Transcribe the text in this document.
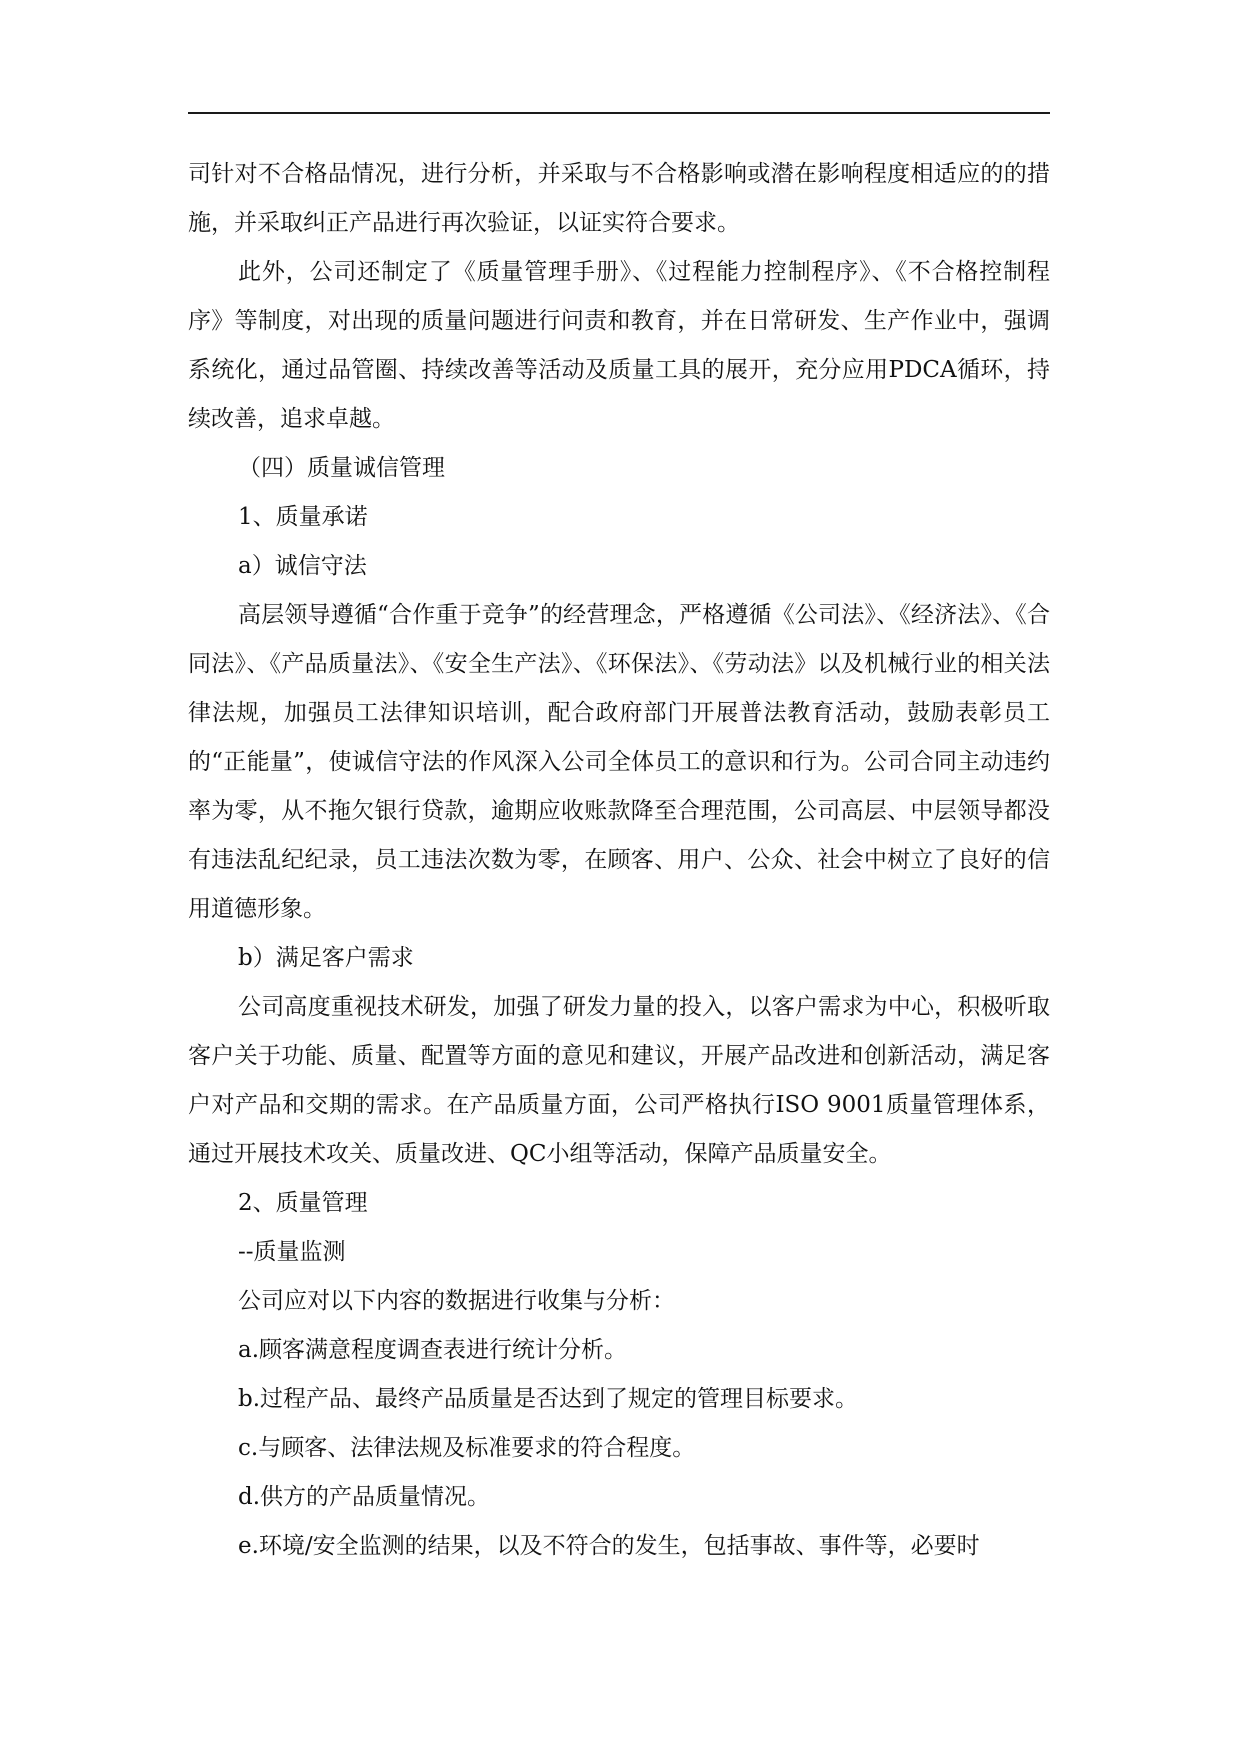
司针对不合格品情况，进行分析，并采取与不合格影响或潜在影响程度相适应的的措施，并采取纠正产品进行再次验证，以证实符合要求。

此外，公司还制定了《质量管理手册》、《过程能力控制程序》、《不合格控制程序》等制度，对出现的质量问题进行问责和教育，并在日常研发、生产作业中，强调系统化，通过品管圈、持续改善等活动及质量工具的展开，充分应用PDCA循环，持续改善，追求卓越。

（四）质量诚信管理

1、质量承诺

a）诚信守法

高层领导遵循“合作重于竞争”的经营理念，严格遵循《公司法》、《经济法》、《合同法》、《产品质量法》、《安全生产法》、《环保法》、《劳动法》以及机械行业的相关法律法规，加强员工法律知识培训，配合政府部门开展普法教育活动，鼓励表彰员工的“正能量”，使诚信守法的作风深入公司全体员工的意识和行为。公司合同主动违约率为零，从不拖欠银行贷款，逾期应收账款降至合理范围，公司高层、中层领导都没有违法乱纪纪录，员工违法次数为零，在顾客、用户、公众、社会中树立了良好的信用道德形象。

b）满足客户需求

公司高度重视技术研发，加强了研发力量的投入，以客户需求为中心，积极听取客户关于功能、质量、配置等方面的意见和建议，开展产品改进和创新活动，满足客户对产品和交期的需求。在产品质量方面，公司严格执行ISO 9001质量管理体系，通过开展技术攻关、质量改进、QC小组等活动，保障产品质量安全。

2、质量管理

--质量监测

公司应对以下内容的数据进行收集与分析：

a.顾客满意程度调查表进行统计分析。

b.过程产品、最终产品质量是否达到了规定的管理目标要求。

c.与顾客、法律法规及标准要求的符合程度。

d.供方的产品质量情况。

e.环境/安全监测的结果，以及不符合的发生，包括事故、事件等，必要时
